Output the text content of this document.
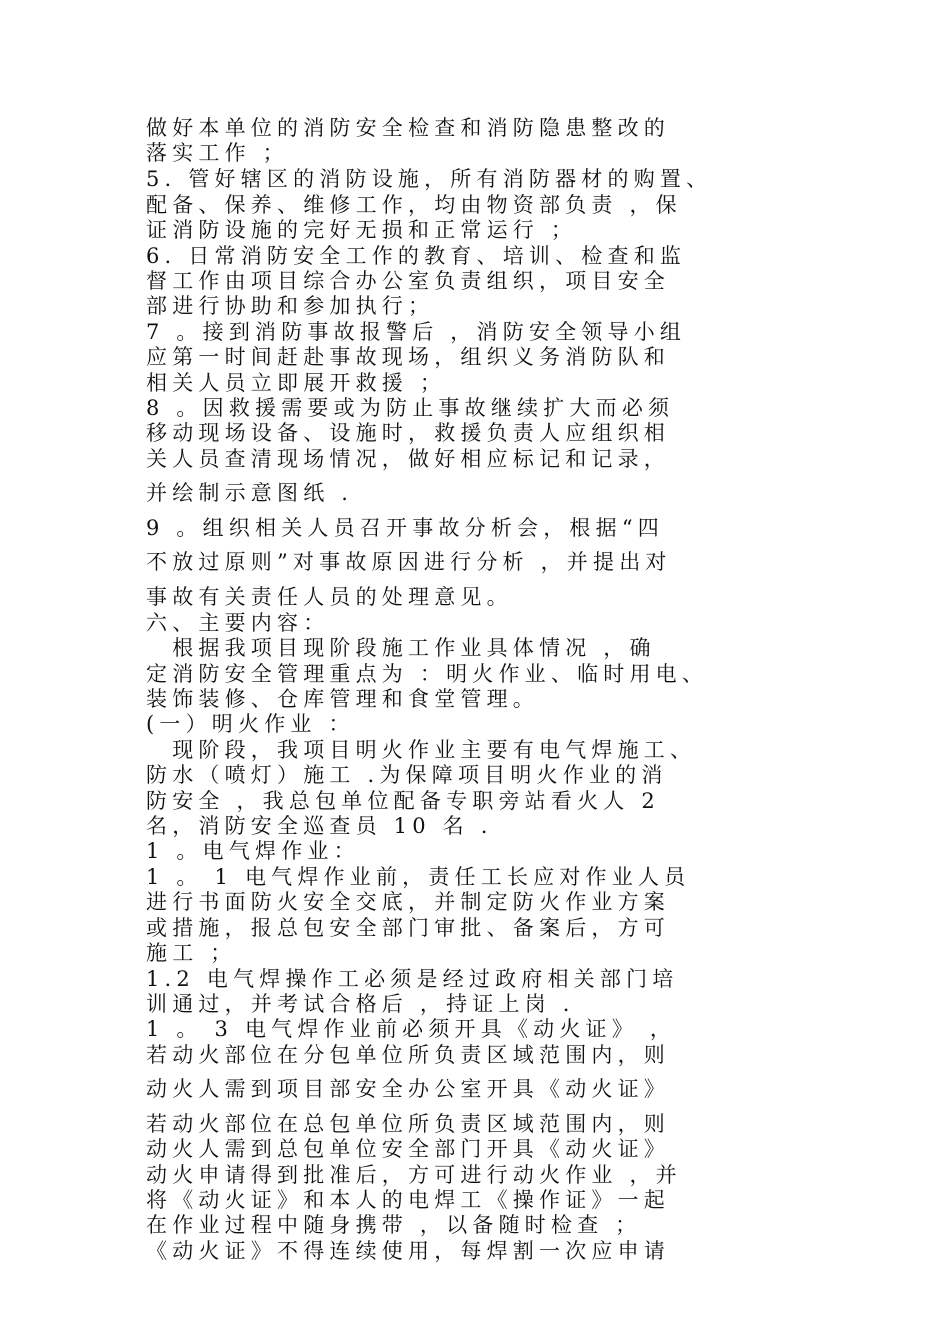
做好本单位的消防安全检查和消防隐患整改的
落实工作 ；
5. 管好辖区的消防设施，所有消防器材的购置、
配备、保养、维修工作，均由物资部负责 ，保
证消防设施的完好无损和正常运行 ；
6. 日常消防安全工作的教育、培训、检查和监
督工作由项目综合办公室负责组织，项目安全
部进行协助和参加执行；
7 。接到消防事故报警后 ，消防安全领导小组
应第一时间赶赴事故现场，组织义务消防队和
相关人员立即展开救援 ；
8 。因救援需要或为防止事故继续扩大而必须
移动现场设备、设施时，救援负责人应组织相
关人员查清现场情况，做好相应标记和记录，
并绘制示意图纸 .
9 。组织相关人员召开事故分析会，根据“四
不放过原则”对事故原因进行分析 ，并提出对
事故有关责任人员的处理意见。
六、主要内容：
　根据我项目现阶段施工作业具体情况 ，确
定消防安全管理重点为 ：明火作业、临时用电、
装饰装修、仓库管理和食堂管理。
(一）明火作业 ：
　现阶段，我项目明火作业主要有电气焊施工、
防水（喷灯）施工 .为保障项目明火作业的消
防安全 ，我总包单位配备专职旁站看火人 2
名，消防安全巡查员 10 名 .
1 。电气焊作业：
1 。 1 电气焊作业前，责任工长应对作业人员
进行书面防火安全交底，并制定防火作业方案
或措施，报总包安全部门审批、备案后，方可
施工 ；
1.2 电气焊操作工必须是经过政府相关部门培
训通过，并考试合格后 ，持证上岗 .
1 。 3 电气焊作业前必须开具《动火证》 ，
若动火部位在分包单位所负责区域范围内，则
动火人需到项目部安全办公室开具《动火证》
若动火部位在总包单位所负责区域范围内，则
动火人需到总包单位安全部门开具《动火证》
动火申请得到批准后，方可进行动火作业 ，并
将《动火证》和本人的电焊工《操作证》一起
在作业过程中随身携带 ，以备随时检查 ；
《动火证》不得连续使用，每焊割一次应申请
